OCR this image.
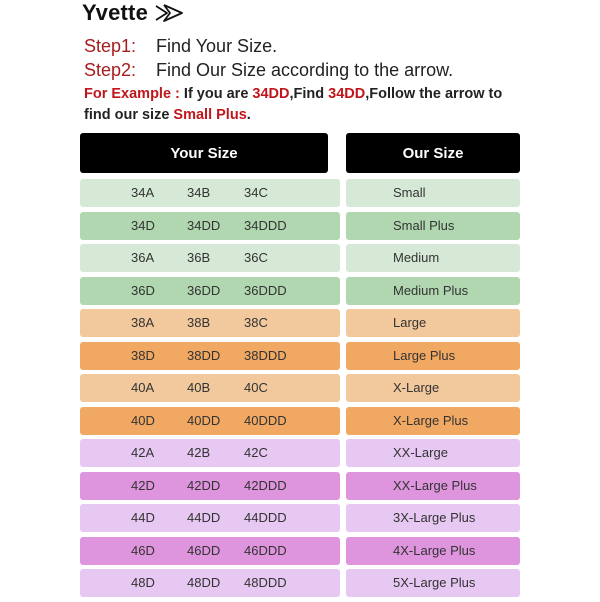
Yvette
Step1:	Find Your Size.
Step2:	Find Our Size according to the arrow.
For Example : If you are 34DD,Find 34DD,Follow the arrow to find our size Small Plus.
Your Size	Our Size
34A	34B	34C	Small
34D 34DD 34DDD	Small Plus
36A	36B	36C	Medium
36D 36DD 36DDD	Medium Plus
38A	38B	38C	Large
38D 38DD 38DDD	Large Plus
40A	40B	40C	X-Large
40D 40DD 40DDD	X-Large Plus
42A	42B	42C	XX-Large
42D 42DD 42DDD	XX-Large Plus
44D 44DD 44DDD	3X-Large Plus
46D 46DD 46DDD	4X-Large Plus
48D 48DD 48DDD	5X-Large Plus
